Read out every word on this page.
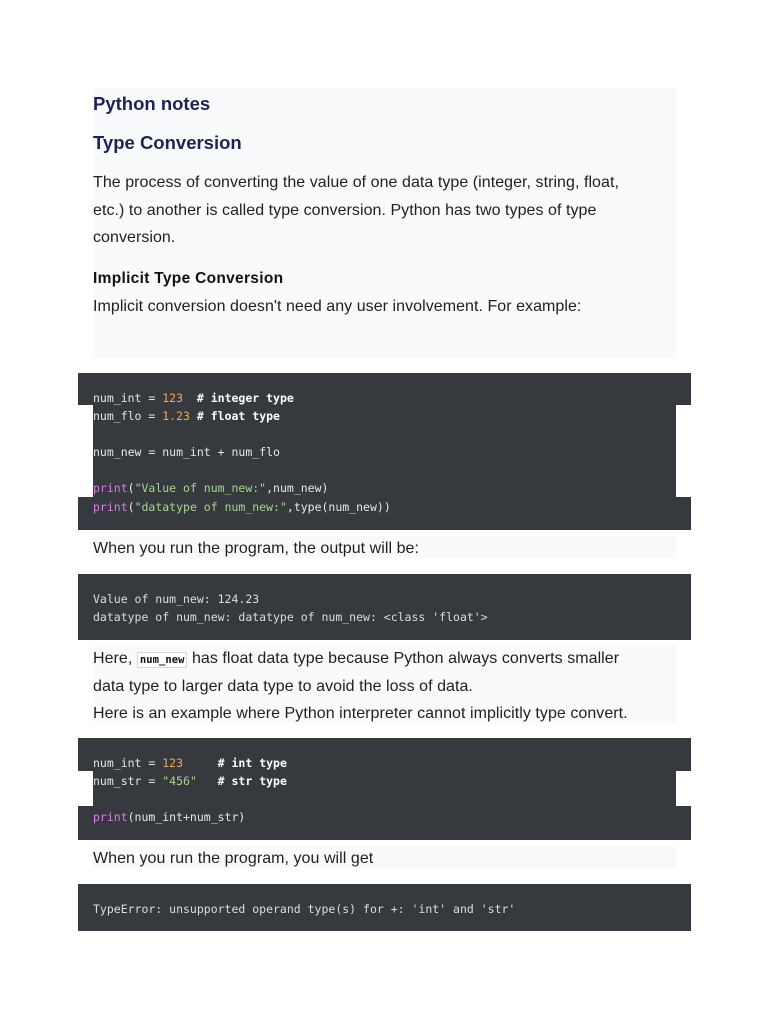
Python notes
Type Conversion
The process of converting the value of one data type (integer, string, float,
etc.) to another is called type conversion. Python has two types of type
conversion.
Implicit Type Conversion
Implicit conversion doesn't need any user involvement. For example:
num_int = 123 # integer type
num_flo = 1.23 # float type
num_new = num_int + num_flo
print("Value of num_new:",num_new)
print("datatype of num_new:",type(num_new))
When you run the program, the output will be:
Value of num_new: 124.23
datatype of num_new: datatype of num_new: <class 'float'>
Here, num_new has float data type because Python always converts smaller
data type to larger data type to avoid the loss of data.
Here is an example where Python interpreter cannot implicitly type convert.
num_int = 123	# int type
num_str = "456" # str type
print(num_int+num_str)
When you run the program, you will get
TypeError: unsupported operand type(s) for +: 'int' and 'str'
